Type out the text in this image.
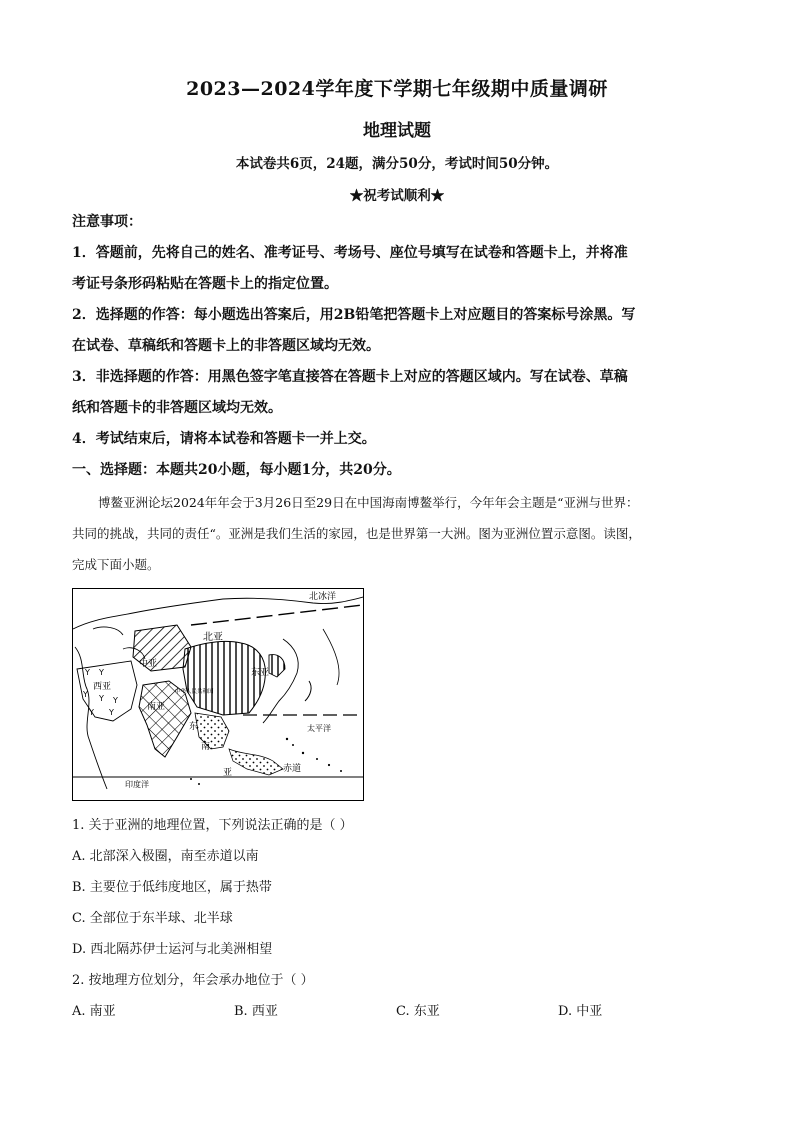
2023—2024学年度下学期七年级期中质量调研
地理试题
本试卷共6页，24题，满分50分，考试时间50分钟。
★祝考试顺利★
注意事项：
1．答题前，先将自己的姓名、准考证号、考场号、座位号填写在试卷和答题卡上，并将准
考证号条形码粘贴在答题卡上的指定位置。
2．选择题的作答：每小题选出答案后，用2B铅笔把答题卡上对应题目的答案标号涂黑。写
在试卷、草稿纸和答题卡上的非答题区域均无效。
3．非选择题的作答：用黑色签字笔直接答在答题卡上对应的答题区域内。写在试卷、草稿
纸和答题卡的非答题区域均无效。
4．考试结束后，请将本试卷和答题卡一并上交。
一、选择题：本题共20小题，每小题1分，共20分。
博鳌亚洲论坛2024年年会于3月26日至29日在中国海南博鳌举行，今年年会主题是“亚洲与世界：
共同的挑战，共同的责任“。亚洲是我们生活的家园，也是世界第一大洲。图为亚洲位置示意图。读图，
完成下面小题。
Y Y
Y Y Y
Y Y
北冰洋
北亚
中亚
西亚
东亚
中华人民共和国
南亚
东
南
亚
太平洋
赤道
印度洋
1. 关于亚洲的地理位置，下列说法正确的是（ ）
A. 北部深入极圈，南至赤道以南
B. 主要位于低纬度地区，属于热带
C. 全部位于东半球、北半球
D. 西北隔苏伊士运河与北美洲相望
2. 按地理方位划分，年会承办地位于（ ）
A. 南亚	B. 西亚	C. 东亚	D. 中亚
